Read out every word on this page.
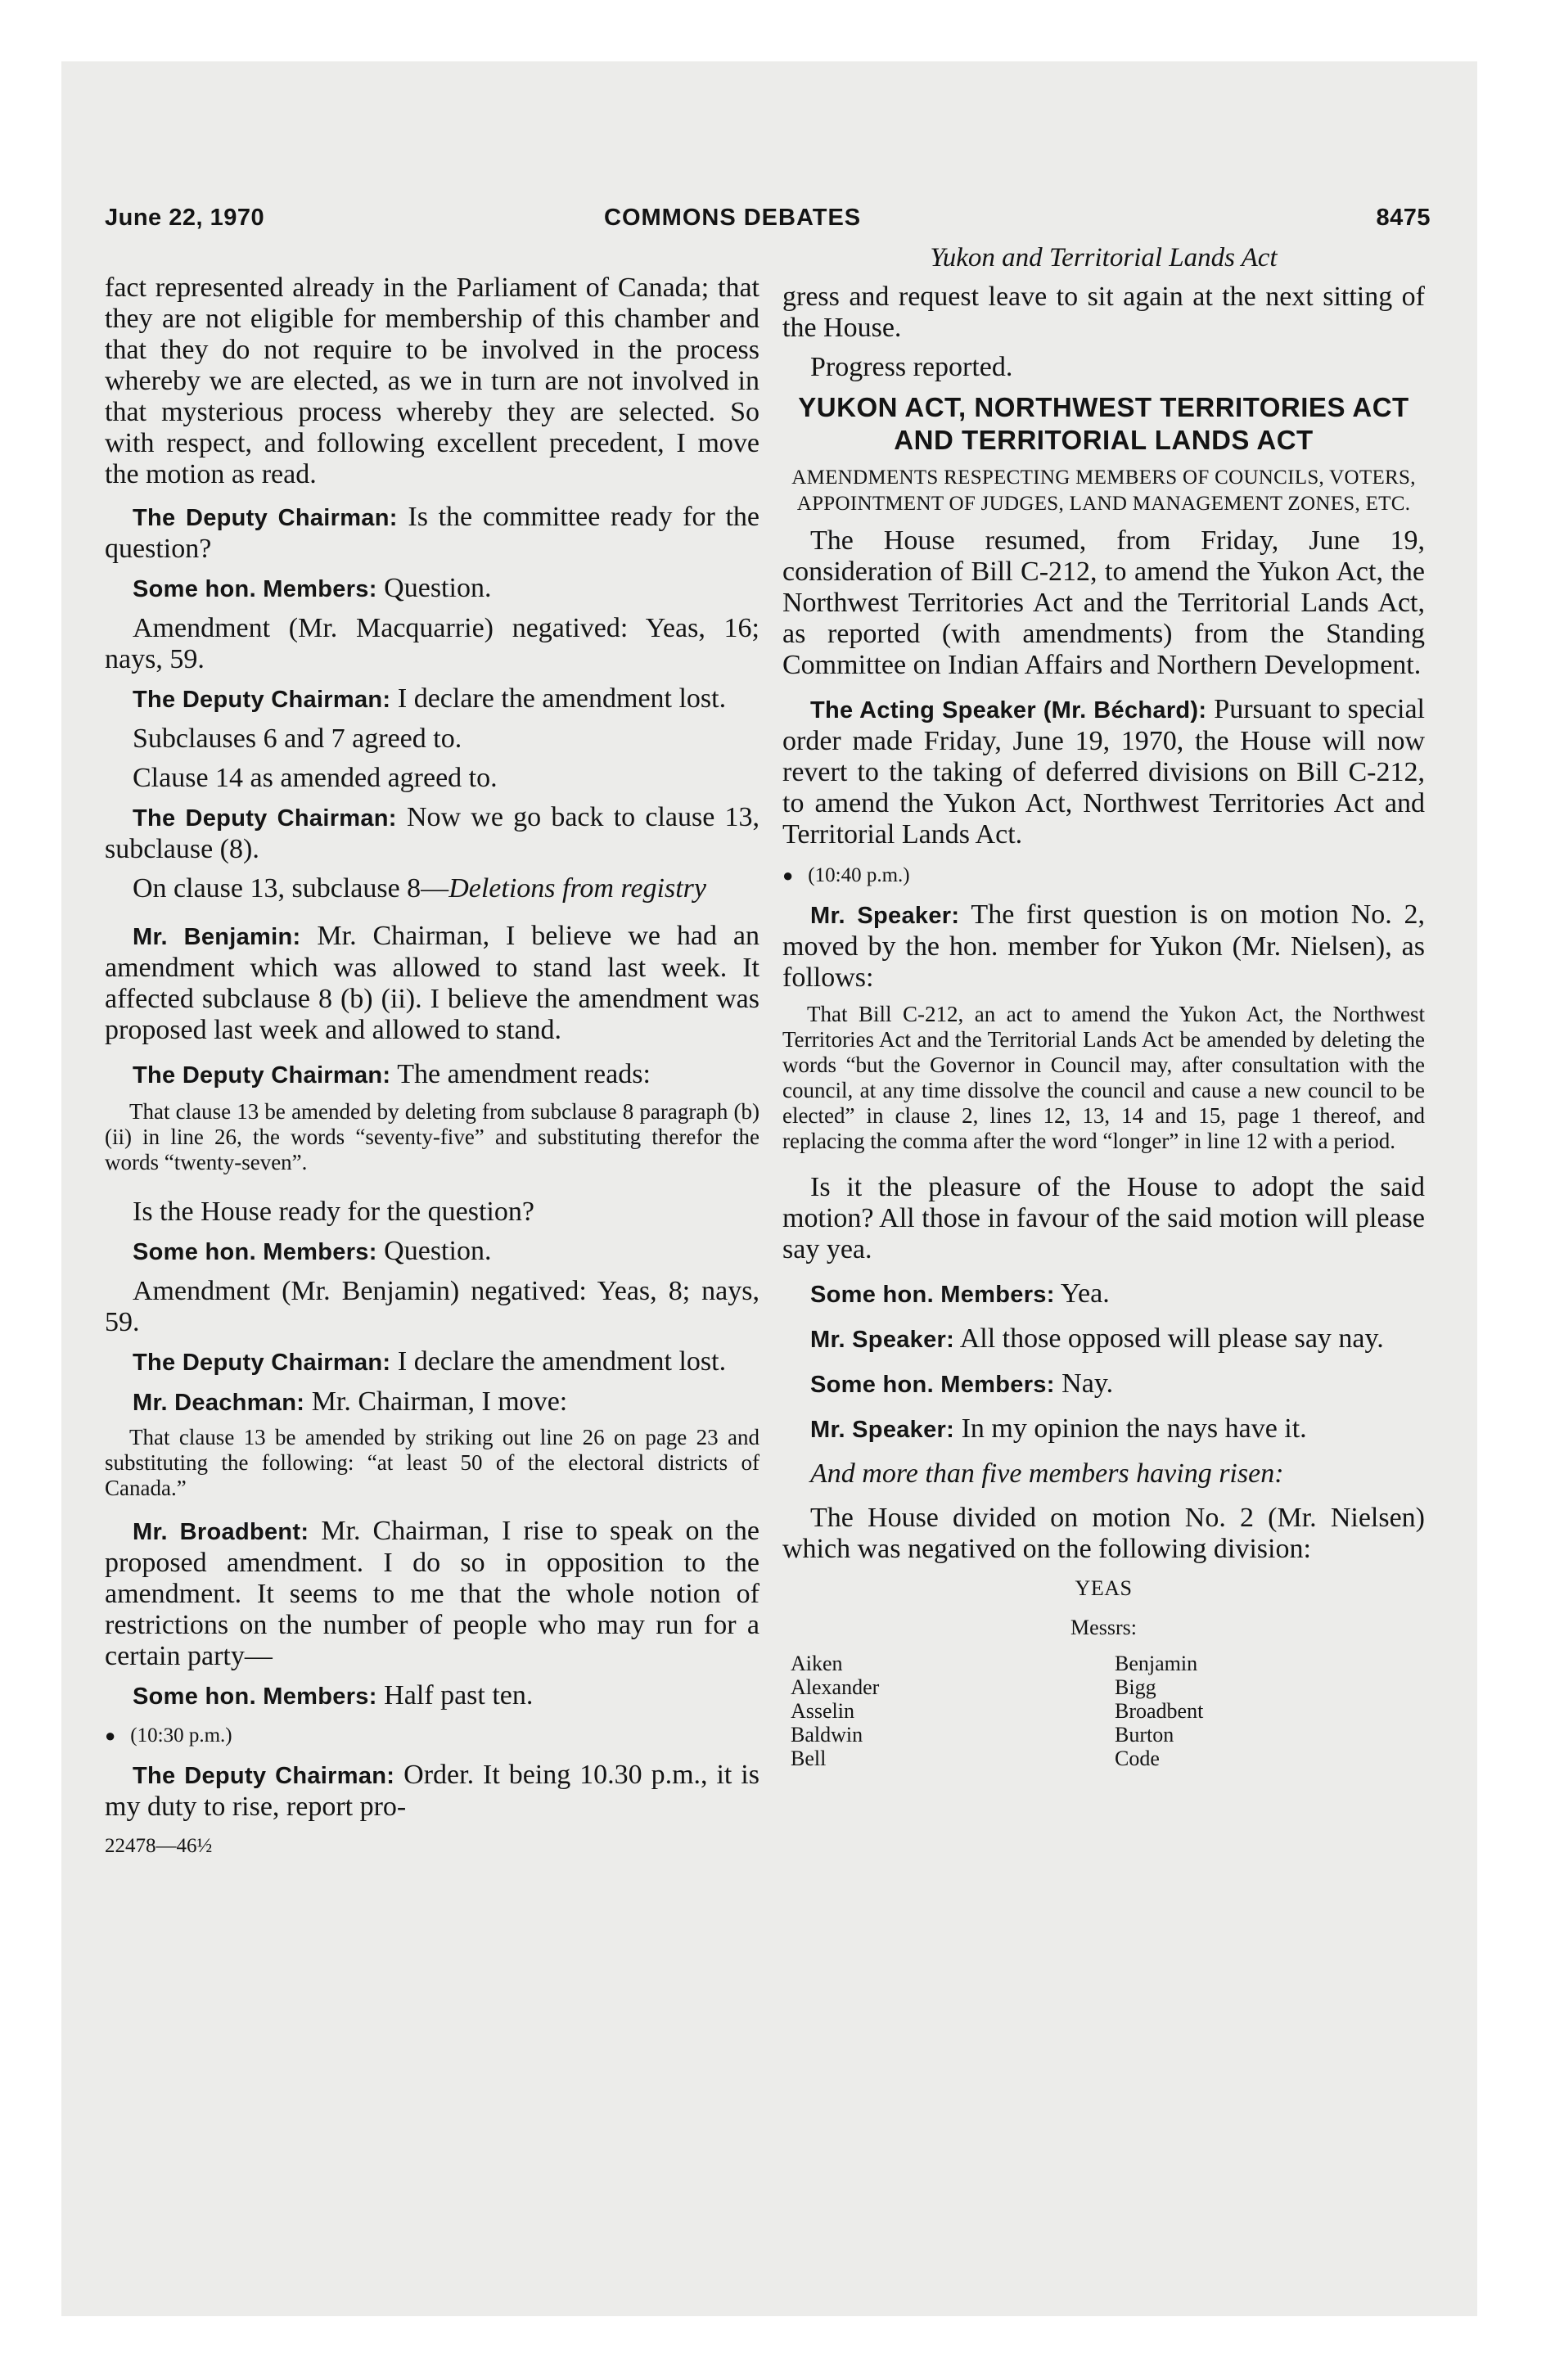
June 22, 1970	COMMONS DEBATES	8475

fact represented already in the Parliament of Canada; that they are not eligible for membership of this chamber and that they do not require to be involved in the process whereby we are elected, as we in turn are not involved in that mysterious process whereby they are selected. So with respect, and following excellent precedent, I move the motion as read.

The Deputy Chairman: Is the committee ready for the question?

Some hon. Members: Question.

Amendment (Mr. Macquarrie) negatived: Yeas, 16; nays, 59.

The Deputy Chairman: I declare the amendment lost.

Subclauses 6 and 7 agreed to.

Clause 14 as amended agreed to.

The Deputy Chairman: Now we go back to clause 13, subclause (8).

On clause 13, subclause 8—Deletions from registry

Mr. Benjamin: Mr. Chairman, I believe we had an amendment which was allowed to stand last week. It affected subclause 8 (b) (ii). I believe the amendment was proposed last week and allowed to stand.

The Deputy Chairman: The amendment reads:

That clause 13 be amended by deleting from subclause 8 paragraph (b) (ii) in line 26, the words “seventy-five” and substituting therefor the words “twenty-seven”.

Is the House ready for the question?

Some hon. Members: Question.

Amendment (Mr. Benjamin) negatived: Yeas, 8; nays, 59.

The Deputy Chairman: I declare the amendment lost.

Mr. Deachman: Mr. Chairman, I move:

That clause 13 be amended by striking out line 26 on page 23 and substituting the following: “at least 50 of the electoral districts of Canada.”

Mr. Broadbent: Mr. Chairman, I rise to speak on the proposed amendment. I do so in opposition to the amendment. It seems to me that the whole notion of restrictions on the number of people who may run for a certain party—

Some hon. Members: Half past ten.

● (10:30 p.m.)

The Deputy Chairman: Order. It being 10.30 p.m., it is my duty to rise, report pro-

22478—46½

Yukon and Territorial Lands Act

gress and request leave to sit again at the next sitting of the House.

Progress reported.

YUKON ACT, NORTHWEST TERRITORIES ACT AND TERRITORIAL LANDS ACT

AMENDMENTS RESPECTING MEMBERS OF COUNCILS, VOTERS, APPOINTMENT OF JUDGES, LAND MANAGEMENT ZONES, ETC.

The House resumed, from Friday, June 19, consideration of Bill C-212, to amend the Yukon Act, the Northwest Territories Act and the Territorial Lands Act, as reported (with amendments) from the Standing Committee on Indian Affairs and Northern Development.

The Acting Speaker (Mr. Béchard): Pursuant to special order made Friday, June 19, 1970, the House will now revert to the taking of deferred divisions on Bill C-212, to amend the Yukon Act, Northwest Territories Act and Territorial Lands Act.

● (10:40 p.m.)

Mr. Speaker: The first question is on motion No. 2, moved by the hon. member for Yukon (Mr. Nielsen), as follows:

That Bill C-212, an act to amend the Yukon Act, the Northwest Territories Act and the Territorial Lands Act be amended by deleting the words “but the Governor in Council may, after consultation with the council, at any time dissolve the council and cause a new council to be elected” in clause 2, lines 12, 13, 14 and 15, page 1 thereof, and replacing the comma after the word “longer” in line 12 with a period.

Is it the pleasure of the House to adopt the said motion? All those in favour of the said motion will please say yea.

Some hon. Members: Yea.

Mr. Speaker: All those opposed will please say nay.

Some hon. Members: Nay.

Mr. Speaker: In my opinion the nays have it.

And more than five members having risen:

The House divided on motion No. 2 (Mr. Nielsen) which was negatived on the following division:

YEAS

Messrs:

Aiken
Alexander
Asselin
Baldwin
Bell
Benjamin
Bigg
Broadbent
Burton
Code
